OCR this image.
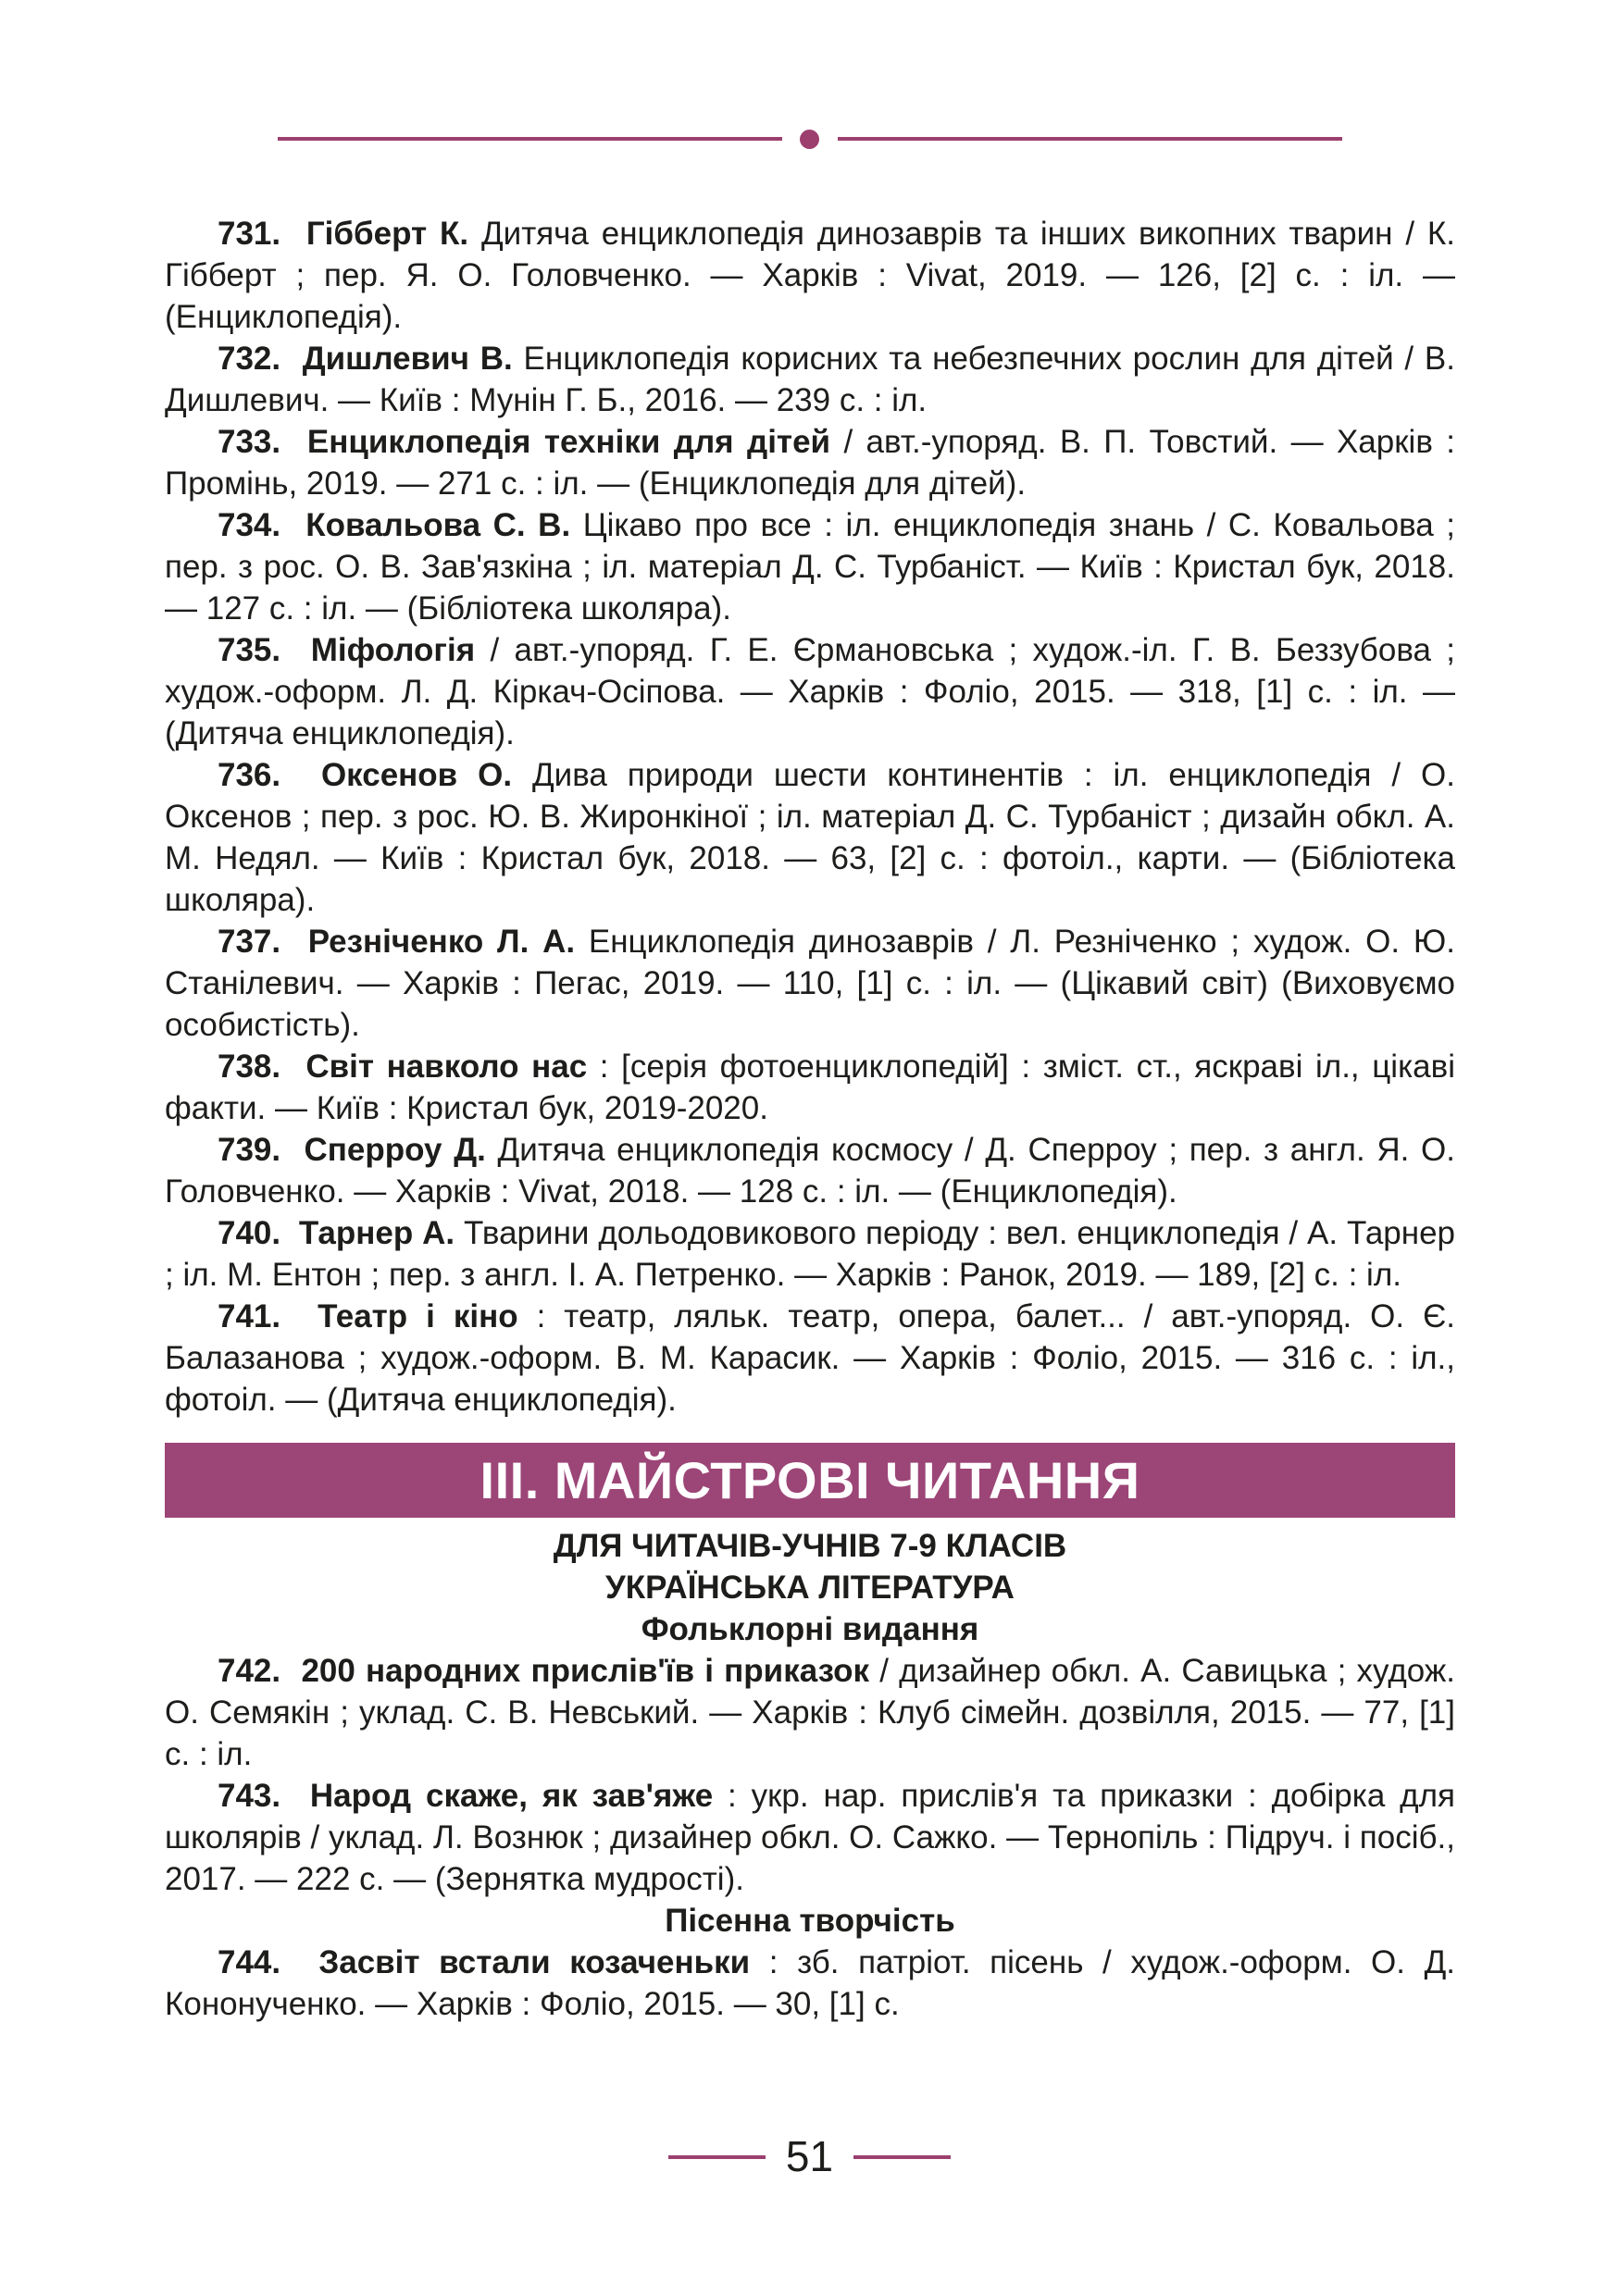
731. Гібберт К. Дитяча енциклопедія динозаврів та інших викопних тварин / К. Гібберт ; пер. Я. О. Головченко. — Харків : Vivat, 2019. — 126, [2] с. : іл. — (Енциклопедія).

732. Дишлевич В. Енциклопедія корисних та небезпечних рослин для дітей / В. Дишлевич. — Київ : Мунін Г. Б., 2016. — 239 с. : іл.

733. Енциклопедія техніки для дітей / авт.-упоряд. В. П. Товстий. — Харків : Промінь, 2019. — 271 с. : іл. — (Енциклопедія для дітей).

734. Ковальова С. В. Цікаво про все : іл. енциклопедія знань / С. Ковальова ; пер. з рос. О. В. Зав'язкіна ; іл. матеріал Д. С. Турбаніст. — Київ : Кристал бук, 2018. — 127 с. : іл. — (Бібліотека школяра).

735. Міфологія / авт.-упоряд. Г. Е. Єрмановська ; худож.-іл. Г. В. Беззубова ; худож.-оформ. Л. Д. Кіркач-Осіпова. — Харків : Фоліо, 2015. — 318, [1] с. : іл. — (Дитяча енциклопедія).

736. Оксенов О. Дива природи шести континентів : іл. енциклопедія / О. Оксенов ; пер. з рос. Ю. В. Жиронкіної ; іл. матеріал Д. С. Турбаніст ; дизайн обкл. А. М. Недял. — Київ : Кристал бук, 2018. — 63, [2] с. : фотоіл., карти. — (Бібліотека школяра).

737. Резніченко Л. А. Енциклопедія динозаврів / Л. Резніченко ; худож. О. Ю. Станілевич. — Харків : Пегас, 2019. — 110, [1] с. : іл. — (Цікавий світ) (Виховуємо особистість).

738. Світ навколо нас : [серія фотоенциклопедій] : зміст. ст., яскраві іл., цікаві факти. — Київ : Кристал бук, 2019-2020.

739. Сперроу Д. Дитяча енциклопедія космосу / Д. Сперроу ; пер. з англ. Я. О. Головченко. — Харків : Vivat, 2018. — 128 с. : іл. — (Енциклопедія).

740. Тарнер А. Тварини дольодовикового періоду : вел. енциклопедія / А. Тарнер ; іл. М. Ентон ; пер. з англ. І. А. Петренко. — Харків : Ранок, 2019. — 189, [2] с. : іл.

741. Театр і кіно : театр, ляльк. театр, опера, балет... / авт.-упоряд. О. Є. Балазанова ; худож.-оформ. В. М. Карасик. — Харків : Фоліо, 2015. — 316 с. : іл., фотоіл. — (Дитяча енциклопедія).

ІІІ. МАЙСТРОВІ ЧИТАННЯ

ДЛЯ ЧИТАЧІВ-УЧНІВ 7-9 КЛАСІВ

УКРАЇНСЬКА ЛІТЕРАТУРА

Фольклорні видання

742. 200 народних прислів'їв і приказок / дизайнер обкл. А. Савицька ; худож. О. Семякін ; уклад. С. В. Невський. — Харків : Клуб сімейн. дозвілля, 2015. — 77, [1] с. : іл.

743. Народ скаже, як зав'яже : укр. нар. прислів'я та приказки : добірка для школярів / уклад. Л. Вознюк ; дизайнер обкл. О. Сажко. — Тернопіль : Підруч. і посіб., 2017. — 222 с. — (Зернятка мудрості).

Пісенна творчість

744. Засвіт встали козаченьки : зб. патріот. пісень / худож.-оформ. О. Д. Кононученко. — Харків : Фоліо, 2015. — 30, [1] с.

51
